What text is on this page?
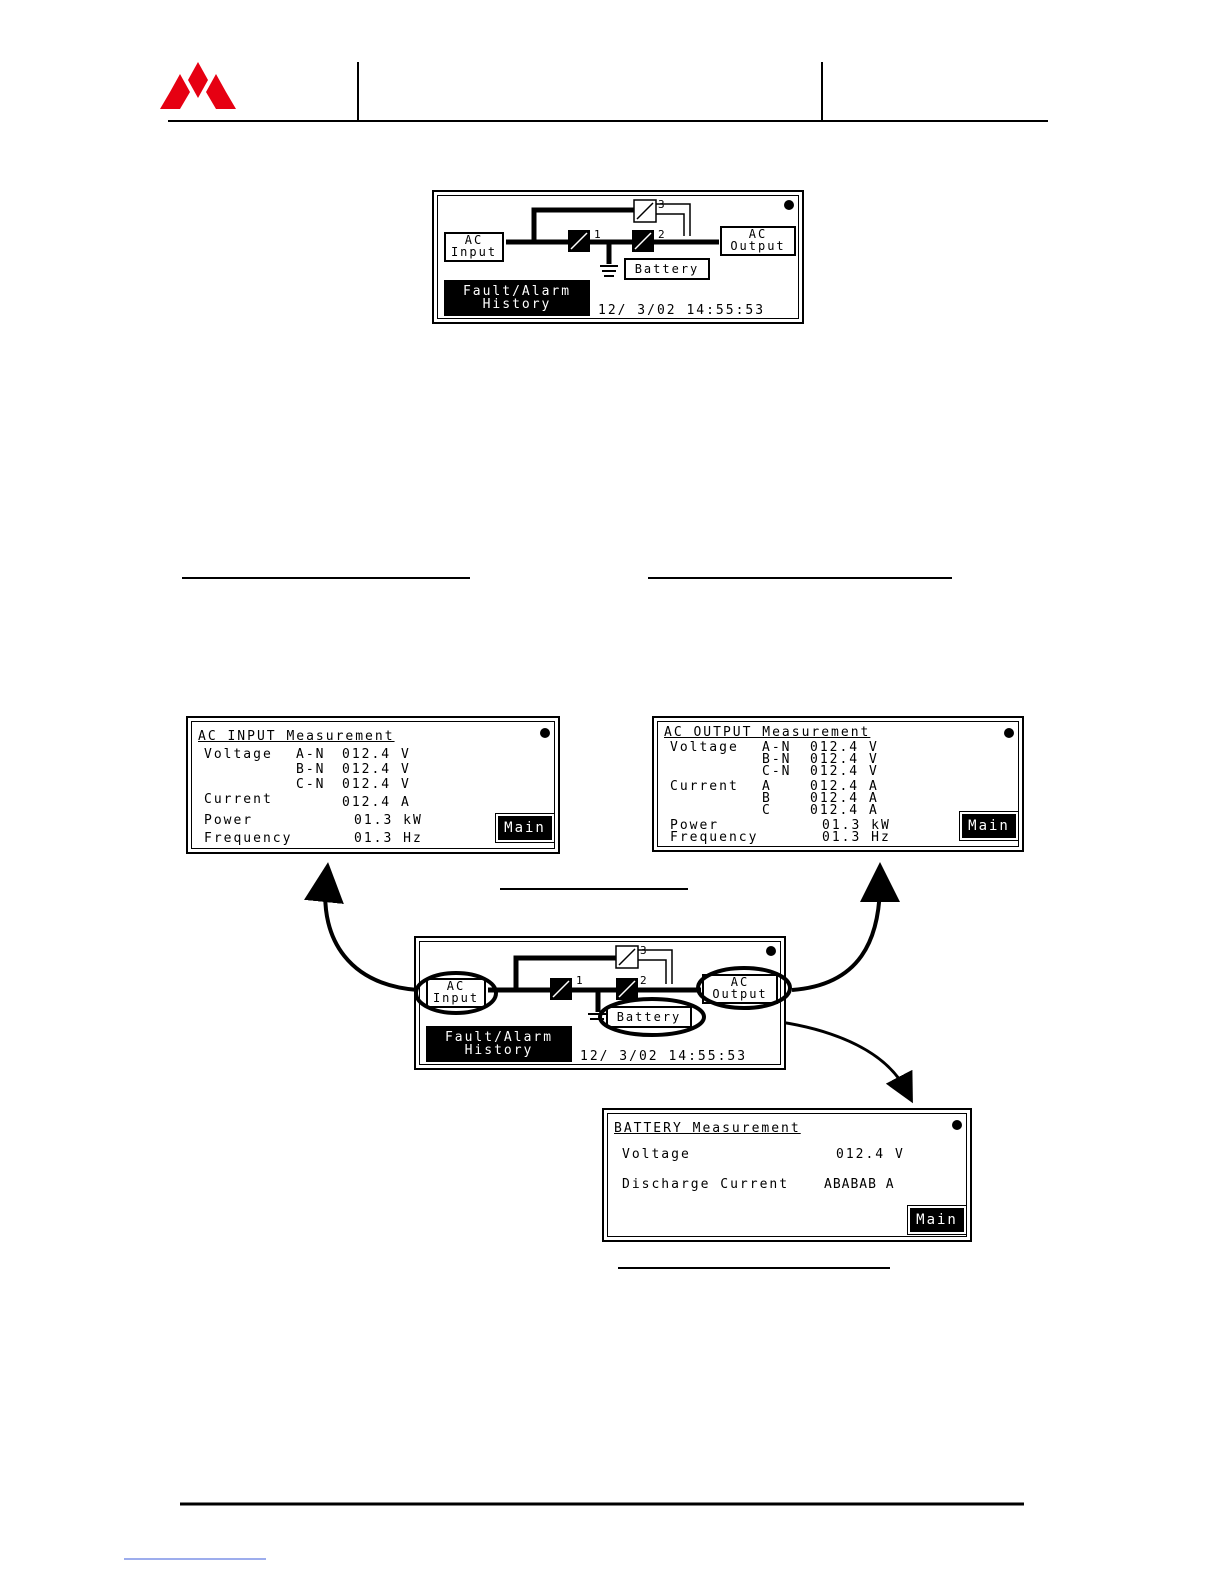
1	2
3
AC
Input
AC
Output
Battery
Fault/Alarm
History	12/ 3/02 14:55:53
AC INPUT Measurement
Voltage A-N 012.4 V
B-N 012.4 V
C-N 012.4 V
Current	012.4 A
Power	01.3 kW
Frequency	01.3 Hz
Main
AC OUTPUT Measurement
Voltage A-N 012.4 V
B-N 012.4 V
C-N 012.4 V
Current A	012.4 A
B	012.4 A
C	012.4 A
Power	01.3 kW
Frequency	01.3 Hz
Main
1	2
3
AC
Input
AC
Output
Battery
Fault/Alarm
History	12/ 3/02 14:55:53
BATTERY Measurement
Voltage	012.4 V
Discharge Current	ABABAB A
Main
